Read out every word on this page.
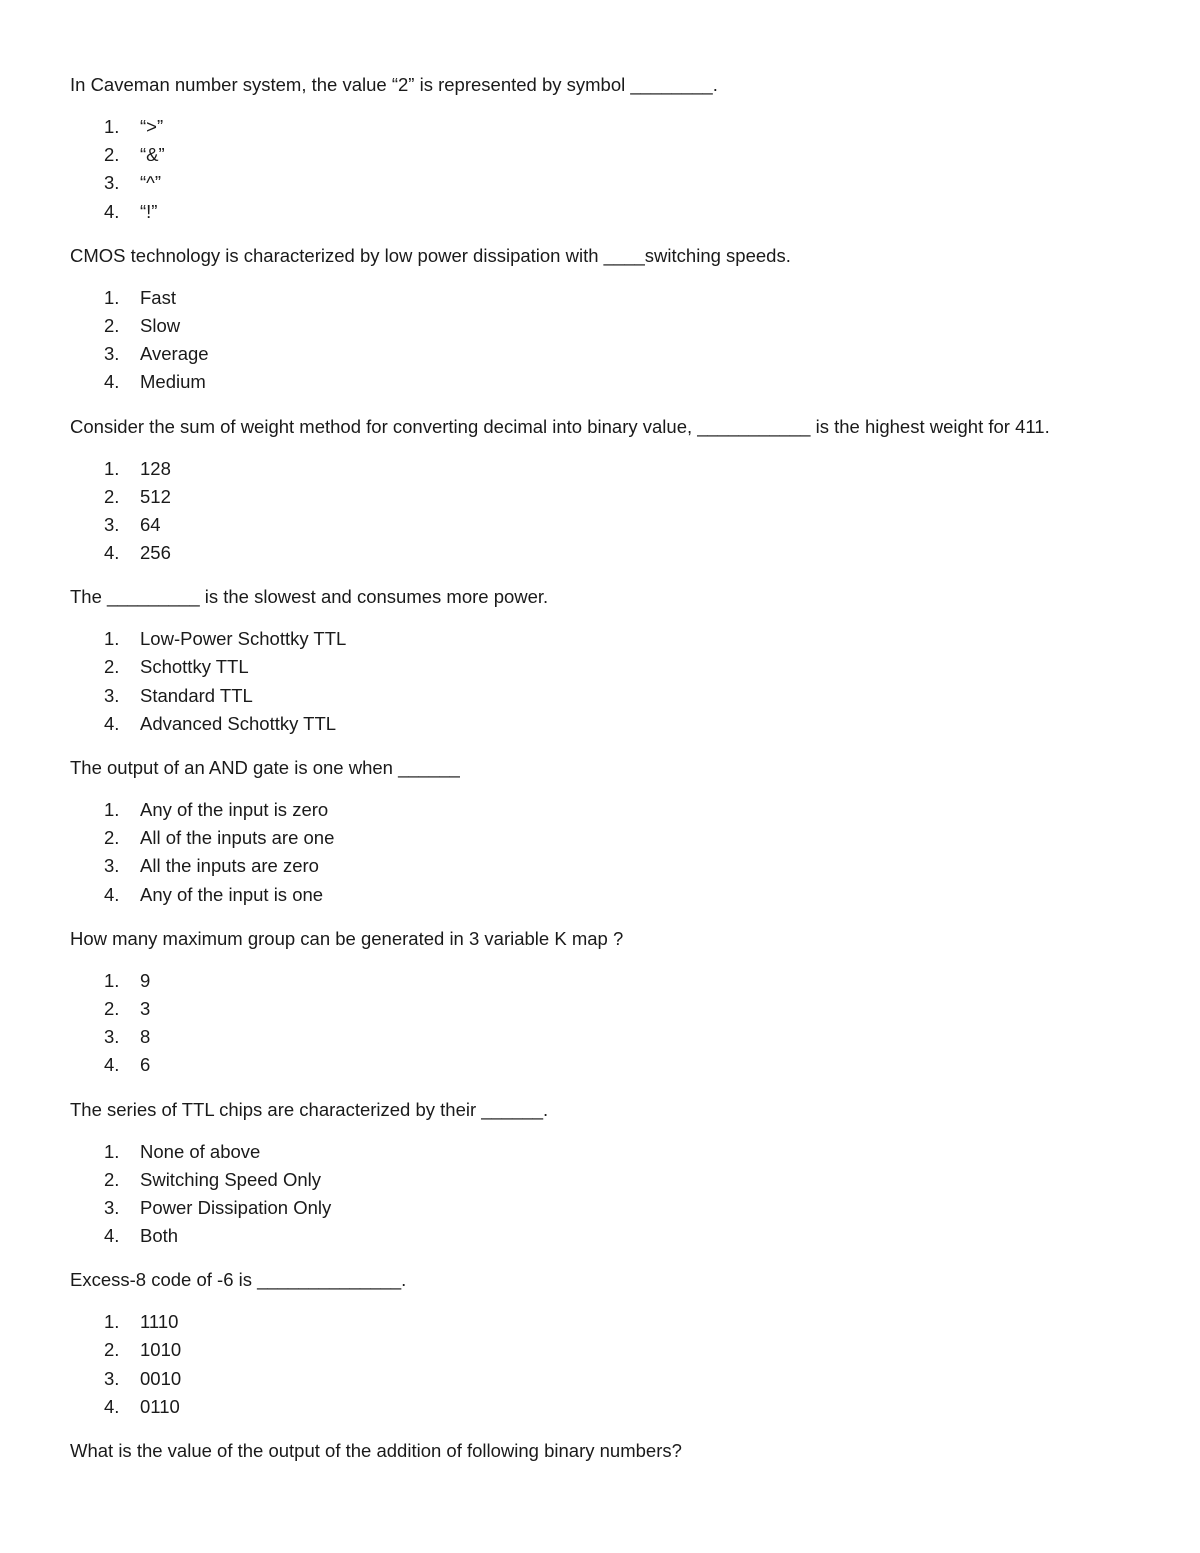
In Caveman number system, the value “2” is represented by symbol ________.

1.	“>”
2.	“&”
3.	“^”
4.	“!”

CMOS technology is characterized by low power dissipation with ____switching speeds.

1.	Fast
2.	Slow
3.	Average
4.	Medium

Consider the sum of weight method for converting decimal into binary value, ___________ is the highest weight for 411.

1.	128
2.	512
3.	64
4.	256

The _________ is the slowest and consumes more power.

1.	Low-Power Schottky TTL
2.	Schottky TTL
3.	Standard TTL
4.	Advanced Schottky TTL

The output of an AND gate is one when ______

1.	Any of the input is zero
2.	All of the inputs are one
3.	All the inputs are zero
4.	Any of the input is one

How many maximum group can be generated in 3 variable K map ?

1.	9
2.	3
3.	8
4.	6

The series of TTL chips are characterized by their ______.

1.	None of above
2.	Switching Speed Only
3.	Power Dissipation Only
4.	Both

Excess-8 code of -6 is ______________.

1.	1110
2.	1010
3.	0010
4.	0110

What is the value of the output of the addition of following binary numbers?
